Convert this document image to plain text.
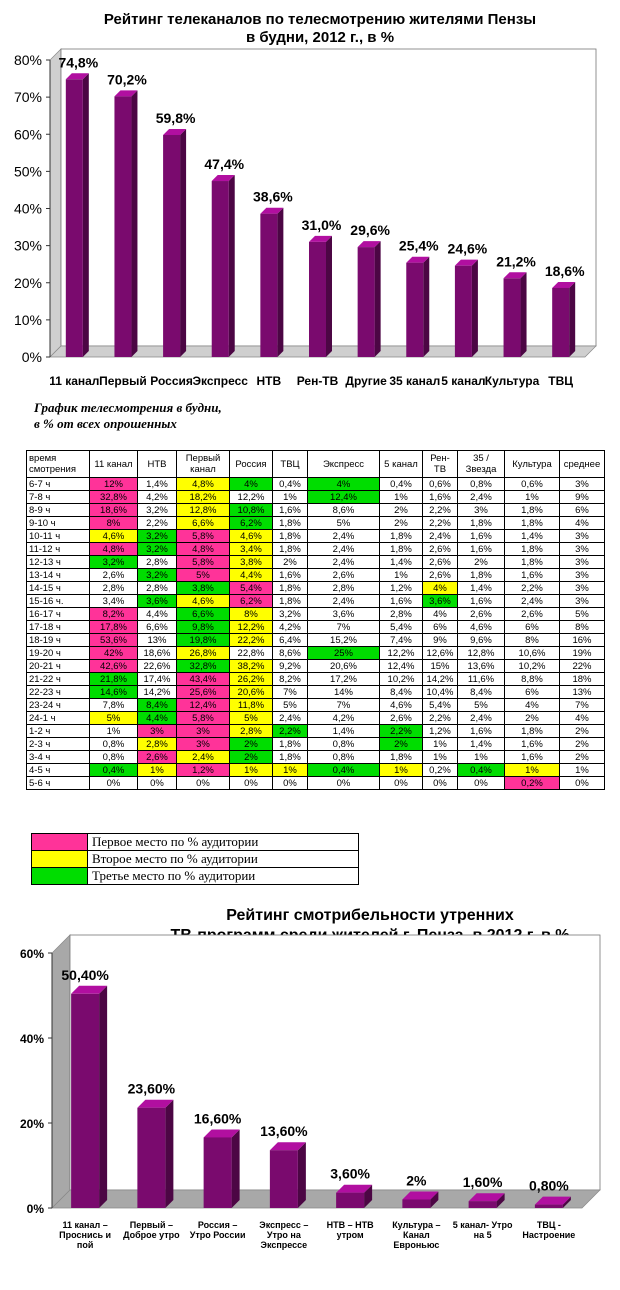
Рейтинг телеканалов по телесмотрению жителями Пензы
в будни, 2012 г., в %
0%
10%
20%
30%
40%
50%
60%
70%
80% 74,8%
11 канал
70,2%
Первый
59,8%
Россия
47,4%
Экспресс
38,6%
НТВ
31,0%
Рен-ТВ
29,6%
Другие
25,4%
35 канал
24,6%
5 канал
21,2%
Культура
18,6%
ТВЦ
График телесмотрения в будни,
в % от всех опрошенных
время смотрения	11 канал	НТВ	Первый канал	Россия	ТВЦ	Экспресс	5 канал	Рен-ТВ	35 / Звезда	Культура	среднее
6-7 ч	12%	1,4%	4,8%	4%	0,4%	4%	0,4%	0,6%	0,8%	0,6%	3%
7-8 ч	32,8%	4,2%	18,2%	12,2%	1%	12,4%	1%	1,6%	2,4%	1%	9%
8-9 ч	18,6%	3,2%	12,8%	10,8%	1,6%	8,6%	2%	2,2%	3%	1,8%	6%
9-10 ч	8%	2,2%	6,6%	6,2%	1,8%	5%	2%	2,2%	1,8%	1,8%	4%
10-11 ч	4,6%	3,2%	5,8%	4,6%	1,8%	2,4%	1,8%	2,4%	1,6%	1,4%	3%
11-12 ч	4,8%	3,2%	4,8%	3,4%	1,8%	2,4%	1,8%	2,6%	1,6%	1,8%	3%
12-13 ч	3,2%	2,8%	5,8%	3,8%	2%	2,4%	1,4%	2,6%	2%	1,8%	3%
13-14 ч	2,6%	3,2%	5%	4,4%	1,6%	2,6%	1%	2,6%	1,8%	1,6%	3%
14-15 ч	2,8%	2,8%	3,8%	5,4%	1,8%	2,8%	1,2%	4%	1,4%	2,2%	3%
15-16 ч.	3,4%	3,6%	4,6%	6,2%	1,8%	2,4%	1,6%	3,6%	1,6%	2,4%	3%
16-17 ч	8,2%	4,4%	6,6%	8%	3,2%	3,6%	2,8%	4%	2,6%	2,6%	5%
17-18 ч	17,8%	6,6%	9,8%	12,2%	4,2%	7%	5,4%	6%	4,6%	6%	8%
18-19 ч	53,6%	13%	19,8%	22,2%	6,4%	15,2%	7,4%	9%	9,6%	8%	16%
19-20 ч	42%	18,6%	26,8%	22,8%	8,6%	25%	12,2%	12,6%	12,8%	10,6%	19%
20-21 ч	42,6%	22,6%	32,8%	38,2%	9,2%	20,6%	12,4%	15%	13,6%	10,2%	22%
21-22 ч	21,8%	17,4%	43,4%	26,2%	8,2%	17,2%	10,2%	14,2%	11,6%	8,8%	18%
22-23 ч	14,6%	14,2%	25,6%	20,6%	7%	14%	8,4%	10,4%	8,4%	6%	13%
23-24 ч	7,8%	8,4%	12,4%	11,8%	5%	7%	4,6%	5,4%	5%	4%	7%
24-1 ч	5%	4,4%	5,8%	5%	2,4%	4,2%	2,6%	2,2%	2,4%	2%	4%
1-2 ч	1%	3%	3%	2,8%	2,2%	1,4%	2,2%	1,2%	1,6%	1,8%	2%
2-3 ч	0,8%	2,8%	3%	2%	1,8%	0,8%	2%	1%	1,4%	1,6%	2%
3-4 ч	0,8%	2,6%	2,4%	2%	1,8%	0,8%	1,8%	1%	1%	1,6%	2%
4-5 ч	0,4%	1%	1,2%	1%	1%	0,4%	1%	0,2%	0,4%	1%	1%
5-6 ч	0%	0%	0%	0%	0%	0%	0%	0%	0%	0,2%	0%
	Первое место по % аудитории
	Второе место по % аудитории
	Третье место по % аудитории
Рейтинг смотрибельности утренних
0%
20%
40%
60%
50,40%
11 канал – Проснись и пой
23,60%
Первый – Доброе утро
16,60%
Россия – Утро России
13,60%
Экспресс – Утро на Экспрессе
3,60%
НТВ – НТВ утром
2%
Культура – Канал Евроньюс
1,60%
5 канал- Утро на 5
0,80%
ТВЦ -Настроение
